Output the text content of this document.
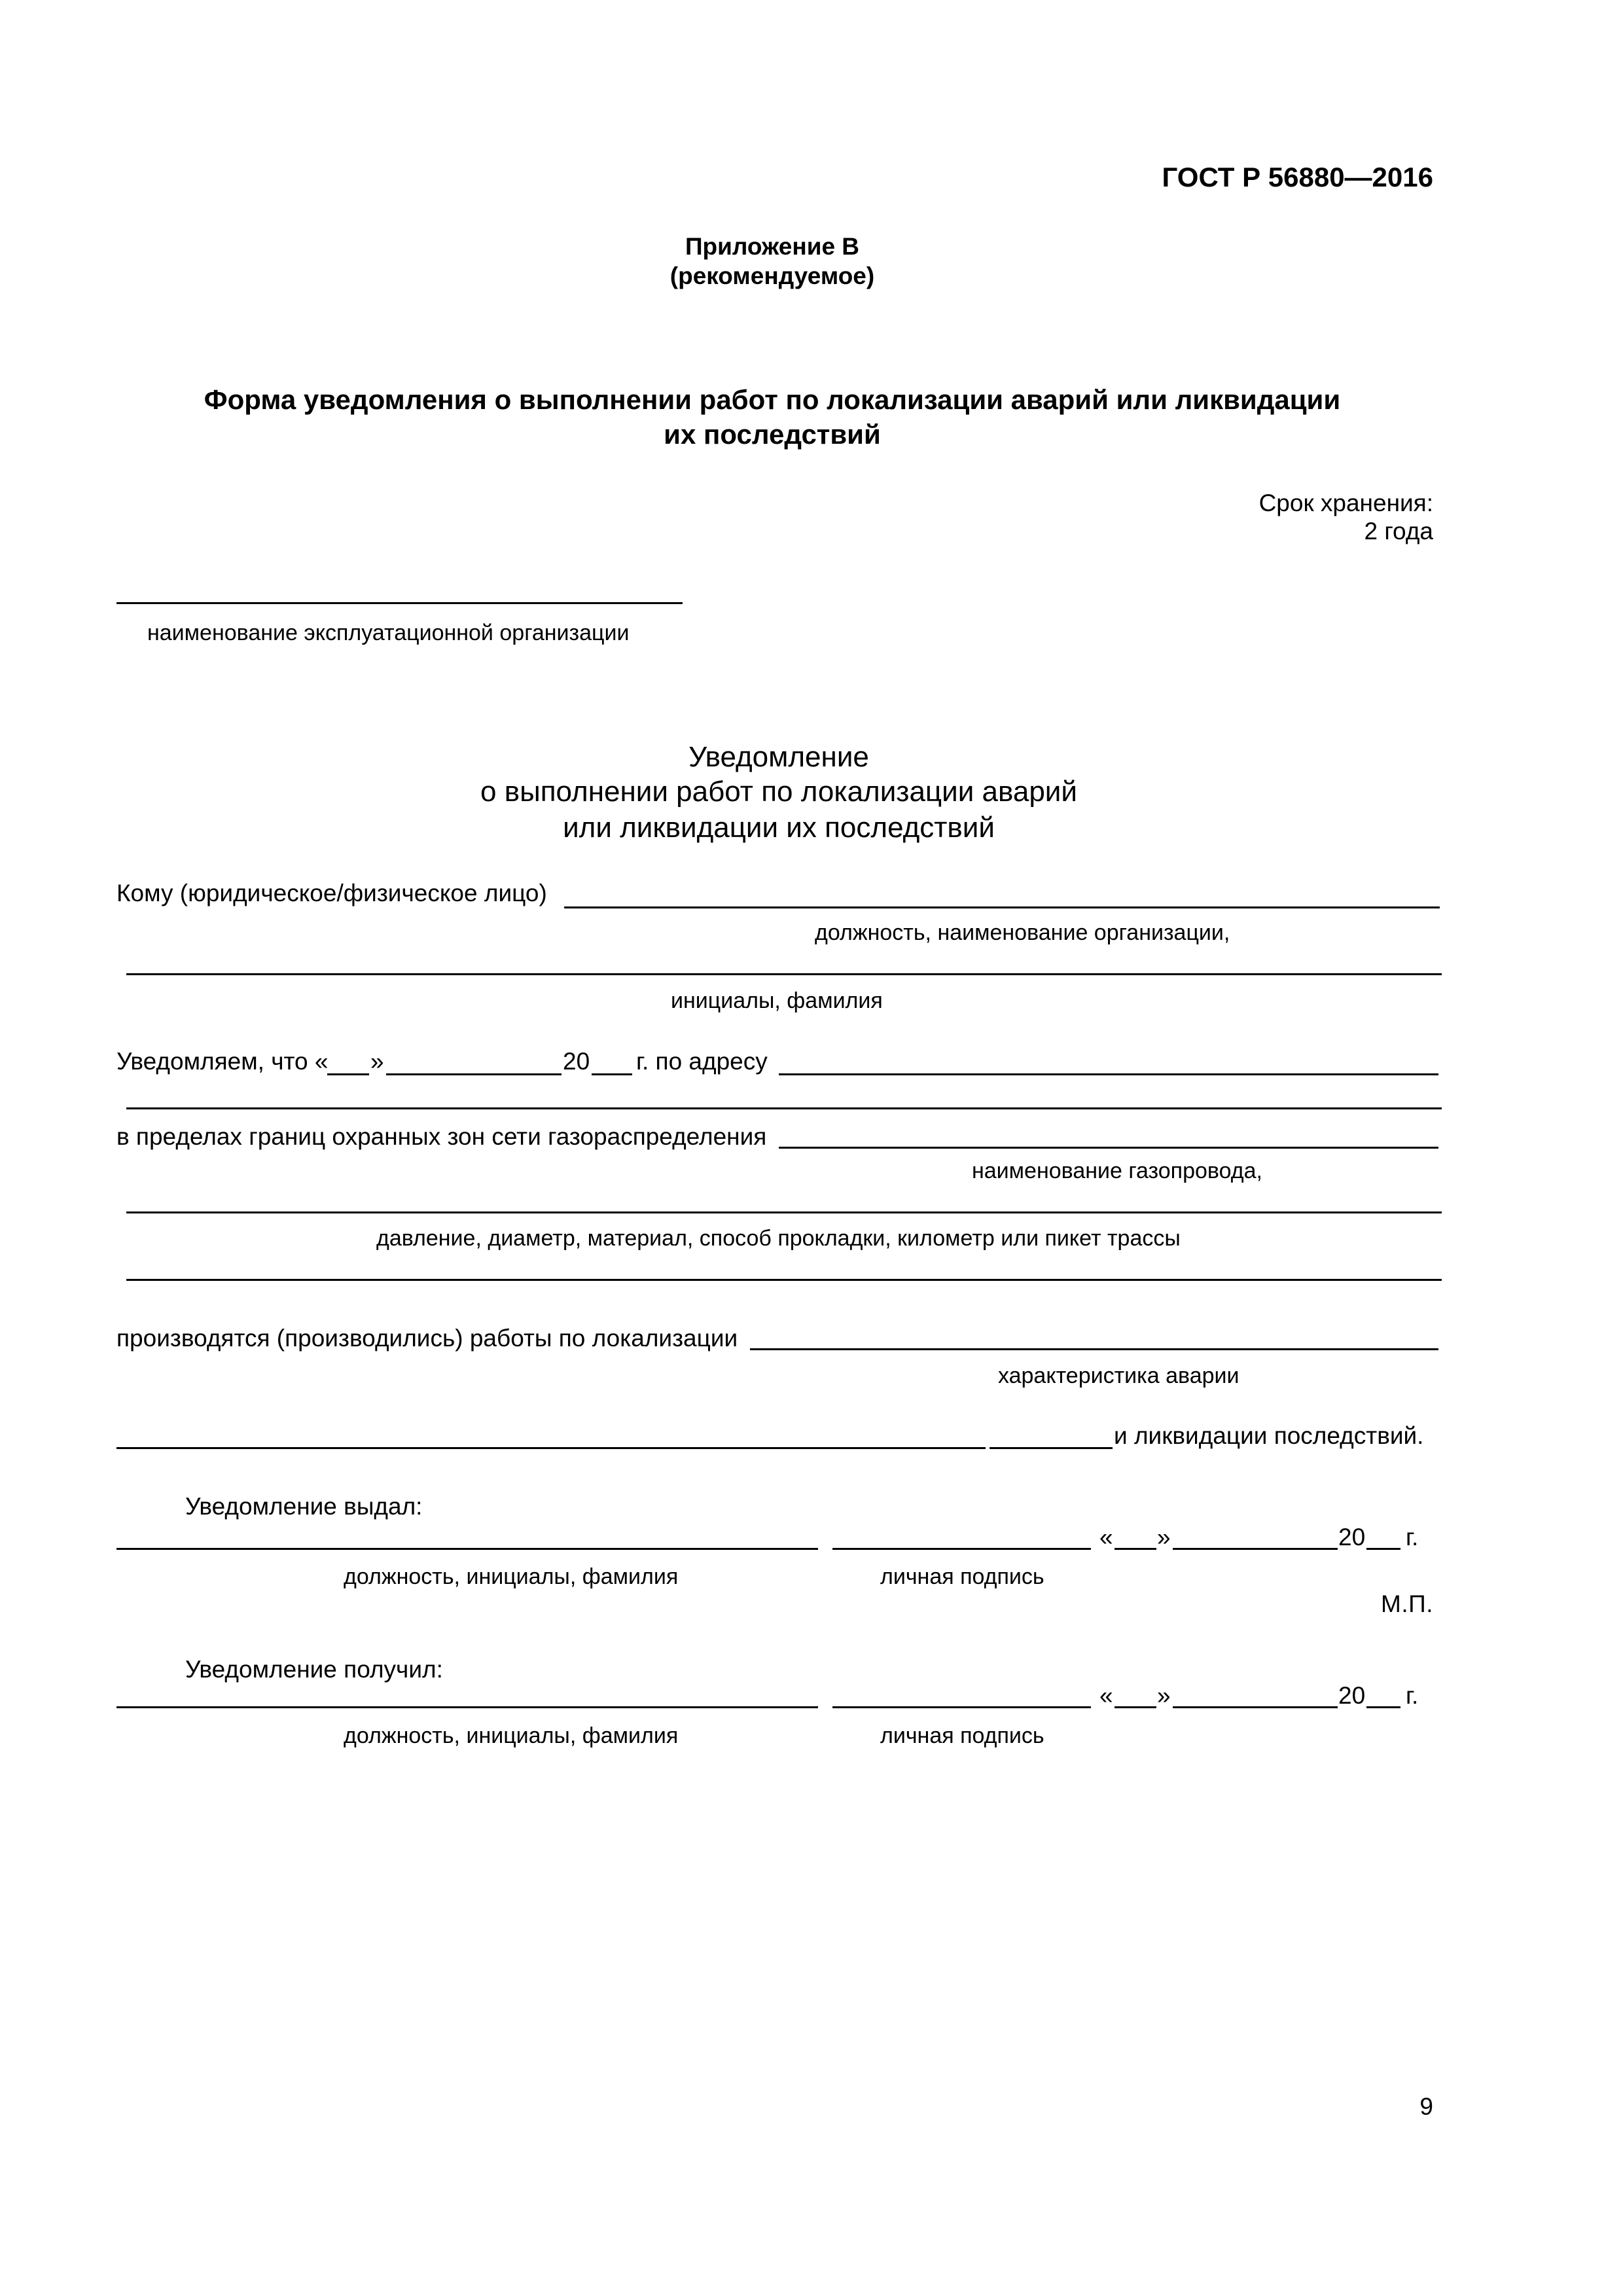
ГОСТ Р 56880—2016
Приложение В
(рекомендуемое)
Форма уведомления о выполнении работ по локализации аварий или ликвидации
их последствий
Срок хранения:
2 года
наименование эксплуатационной организации
Уведомление
о выполнении работ по локализации аварий
или ликвидации их последствий
Кому (юридическое/физическое лицо)
должность, наименование организации,
инициалы, фамилия
Уведомляем, что « »	20 г. по адресу
в пределах границ охранных зон сети газораспределения
наименование газопровода,
давление, диаметр, материал, способ прокладки, километр или пикет трассы
производятся (производились) работы по локализации
характеристика аварии
и ликвидации последствий.
Уведомление выдал:
« »	20 г.
должность, инициалы, фамилия	личная подпись
М.П.
Уведомление получил:
« »	20 г.
должность, инициалы, фамилия	личная подпись
9
